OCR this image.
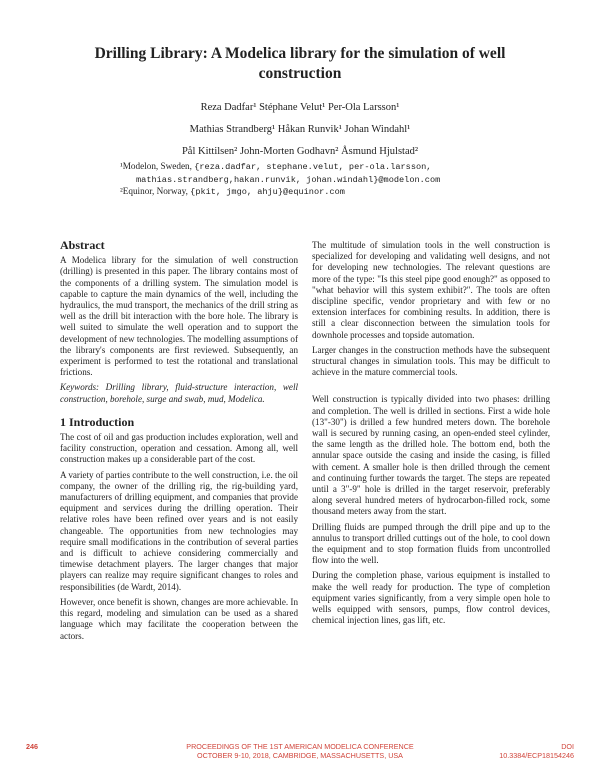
Drilling Library: A Modelica library for the simulation of well construction
Reza Dadfar¹ Stéphane Velut¹ Per-Ola Larsson¹
Mathias Strandberg¹ Håkan Runvik¹ Johan Windahl¹
Pål Kittilsen² John-Morten Godhavn² Åsmund Hjulstad²
¹Modelon, Sweden, {reza.dadfar, stephane.velut, per-ola.larsson,
mathias.strandberg,hakan.runvik, johan.windahl}@modelon.com
²Equinor, Norway, {pkit, jmgo, ahju}@equinor.com
Abstract

A Modelica library for the simulation of well construction (drilling) is presented in this paper. The library contains most of the components of a drilling system. The simulation model is capable to capture the main dynamics of the well, including the hydraulics, the mud transport, the mechanics of the drill string as well as the drill bit interaction with the bore hole. The library is well suited to simulate the well operation and to support the development of new technologies. The modelling assumptions of the library's components are first reviewed. Subsequently, an experiment is performed to test the rotational and translational frictions.

Keywords: Drilling library, fluid-structure interaction, well construction, borehole, surge and swab, mud, Modelica.

1 Introduction

The cost of oil and gas production includes exploration, well and facility construction, operation and cessation. Among all, well construction makes up a considerable part of the cost.

A variety of parties contribute to the well construction, i.e. the oil company, the owner of the drilling rig, the rig-building yard, manufacturers of drilling equipment, and companies that provide equipment and services during the drilling operation. Their relative roles have been refined over years and is not easily changeable. The opportunities from new technologies may require small modifications in the contribution of several parties and is difficult to achieve considering commercially and timewise detachment players. The larger changes that major players can realize may require significant changes to roles and responsibilities (de Wardt, 2014).

However, once benefit is shown, changes are more achievable. In this regard, modeling and simulation can be used as a shared language which may facilitate the cooperation between the actors.

The multitude of simulation tools in the well construction is specialized for developing and validating well designs, and not for developing new technologies. The relevant questions are more of the type: "Is this steel pipe good enough?" as opposed to "what behavior will this system exhibit?". The tools are often discipline specific, vendor proprietary and with few or no extension interfaces for combining results. In addition, there is still a clear disconnection between the simulation tools for downhole processes and topside automation.

Larger changes in the construction methods have the subsequent structural changes in simulation tools. This may be difficult to achieve in the mature commercial tools.

Well construction is typically divided into two phases: drilling and completion. The well is drilled in sections. First a wide hole (13"-30") is drilled a few hundred meters down. The borehole wall is secured by running casing, an open-ended steel cylinder, the same length as the drilled hole. The bottom end, both the annular space outside the casing and inside the casing, is filled with cement. A smaller hole is then drilled through the cement and continuing further towards the target. The steps are repeated until a 3"-9" hole is drilled in the target reservoir, preferably along several hundred meters of hydrocarbon-filled rock, some thousand meters away from the start.

Drilling fluids are pumped through the drill pipe and up to the annulus to transport drilled cuttings out of the hole, to cool down the equipment and to stop formation fluids from uncontrolled flow into the well.

During the completion phase, various equipment is installed to make the well ready for production. The type of completion equipment varies significantly, from a very simple open hole to wells equipped with sensors, pumps, flow control devices, chemical injection lines, gas lift, etc.

246	PROCEEDINGS OF THE 1ST AMERICAN MODELICA CONFERENCE
OCTOBER 9-10, 2018, CAMBRIDGE, MASSACHUSETTS, USA
DOI
10.3384/ECP18154246
